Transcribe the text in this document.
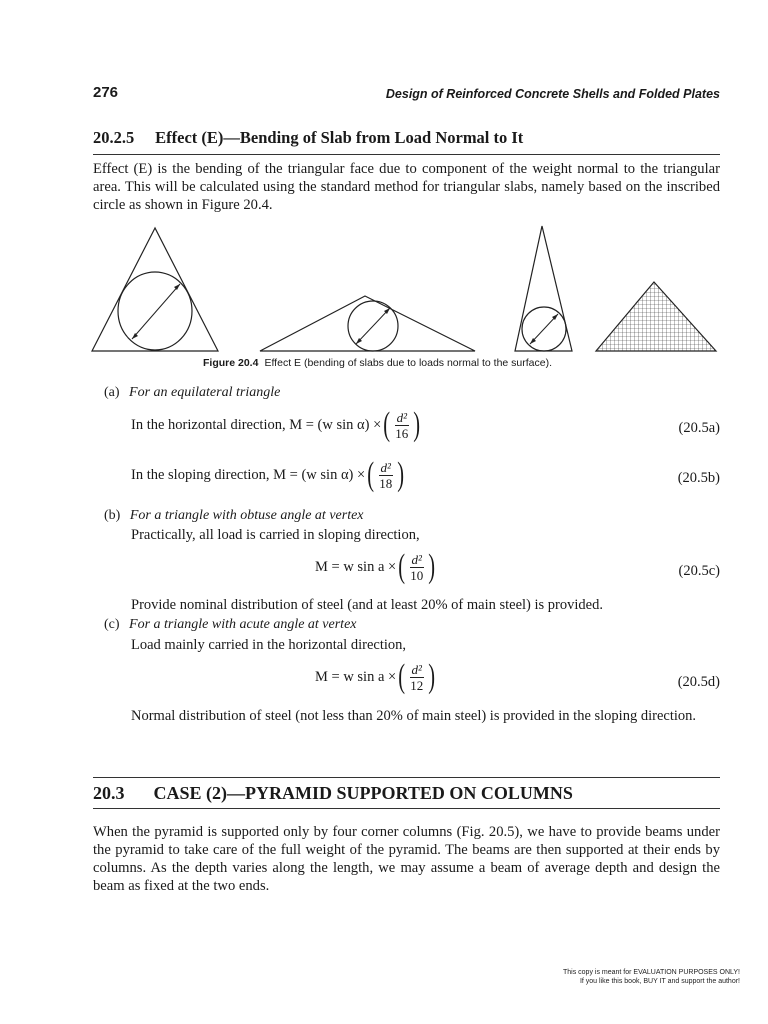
276	Design of Reinforced Concrete Shells and Folded Plates
20.2.5 Effect (E)—Bending of Slab from Load Normal to It
Effect (E) is the bending of the triangular face due to component of the weight normal to the triangular area. This will be calculated using the standard method for triangular slabs, namely based on the inscribed circle as shown in Figure 20.4.
Figure 20.4 Effect E (bending of slabs due to loads normal to the surface).
(a) For an equilateral triangle
In the horizontal direction, M = (w sin α) × ( $\frac{\text{d²}}{16}$ )	(20.5a)
In the sloping direction, M = (w sin α) × ( $\frac{\text{d²}}{18}$ )	(20.5b)
(b) For a triangle with obtuse angle at vertex
Practically, all load is carried in sloping direction,
M = w sin a × ( $\frac{\text{d²}}{10}$ )	(20.5c)
Provide nominal distribution of steel (and at least 20% of main steel) is provided.
(c) For a triangle with acute angle at vertex
Load mainly carried in the horizontal direction,
M = w sin a × ( $\frac{\text{d²}}{12}$ )	(20.5d)
Normal distribution of steel (not less than 20% of main steel) is provided in the sloping direction.
20.3 CASE (2)—PYRAMID SUPPORTED ON COLUMNS
When the pyramid is supported only by four corner columns (Fig. 20.5), we have to provide beams under the pyramid to take care of the full weight of the pyramid. The beams are then supported at their ends by columns. As the depth varies along the length, we may assume a beam of average depth and design the beam as fixed at the two ends.
This copy is meant for EVALUATION PURPOSES ONLY!
If you like this book, BUY IT and support the author!
